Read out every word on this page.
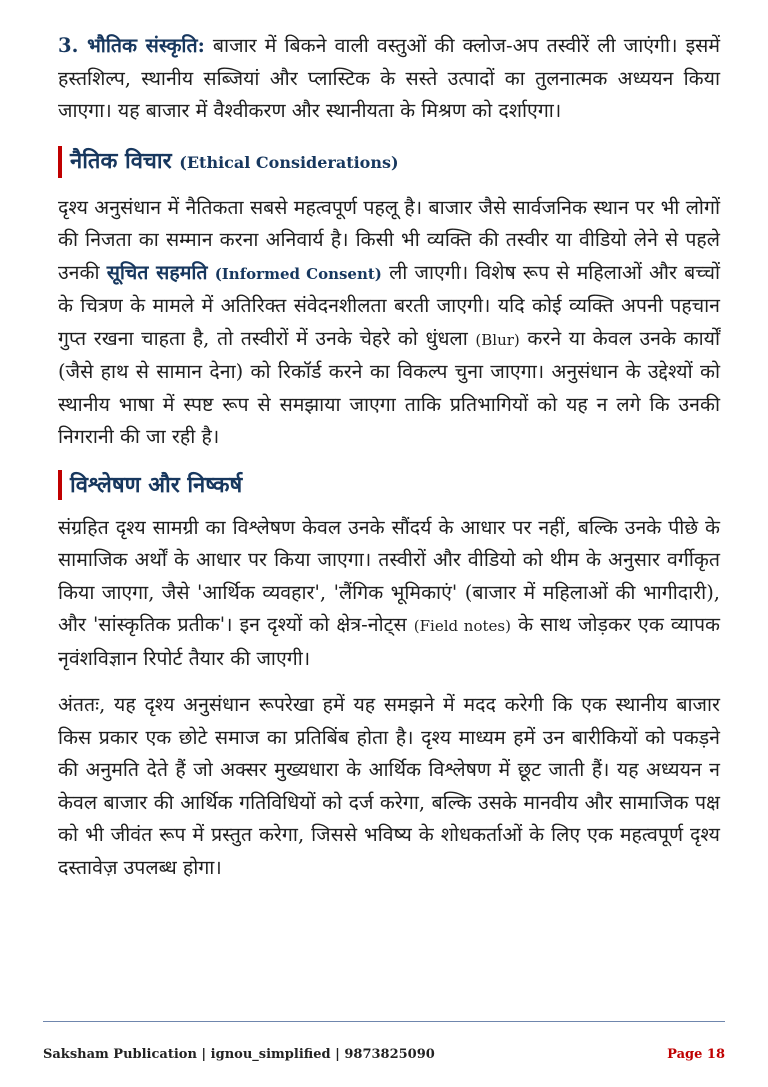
3. भौतिक संस्कृति: बाजार में बिकने वाली वस्तुओं की क्लोज-अप तस्वीरें ली जाएंगी। इसमें हस्तशिल्प, स्थानीय सब्जियां और प्लास्टिक के सस्ते उत्पादों का तुलनात्मक अध्ययन किया जाएगा। यह बाजार में वैश्वीकरण और स्थानीयता के मिश्रण को दर्शाएगा।

नैतिक विचार (Ethical Considerations)

दृश्य अनुसंधान में नैतिकता सबसे महत्वपूर्ण पहलू है। बाजार जैसे सार्वजनिक स्थान पर भी लोगों की निजता का सम्मान करना अनिवार्य है। किसी भी व्यक्ति की तस्वीर या वीडियो लेने से पहले उनकी सूचित सहमति (Informed Consent) ली जाएगी। विशेष रूप से महिलाओं और बच्चों के चित्रण के मामले में अतिरिक्त संवेदनशीलता बरती जाएगी। यदि कोई व्यक्ति अपनी पहचान गुप्त रखना चाहता है, तो तस्वीरों में उनके चेहरे को धुंधला (Blur) करने या केवल उनके कार्यों (जैसे हाथ से सामान देना) को रिकॉर्ड करने का विकल्प चुना जाएगा। अनुसंधान के उद्देश्यों को स्थानीय भाषा में स्पष्ट रूप से समझाया जाएगा ताकि प्रतिभागियों को यह न लगे कि उनकी निगरानी की जा रही है।

विश्लेषण और निष्कर्ष

संग्रहित दृश्य सामग्री का विश्लेषण केवल उनके सौंदर्य के आधार पर नहीं, बल्कि उनके पीछे के सामाजिक अर्थों के आधार पर किया जाएगा। तस्वीरों और वीडियो को थीम के अनुसार वर्गीकृत किया जाएगा, जैसे 'आर्थिक व्यवहार', 'लैंगिक भूमिकाएं' (बाजार में महिलाओं की भागीदारी), और 'सांस्कृतिक प्रतीक'। इन दृश्यों को क्षेत्र-नोट्स (Field notes) के साथ जोड़कर एक व्यापक नृवंशविज्ञान रिपोर्ट तैयार की जाएगी।

अंततः, यह दृश्य अनुसंधान रूपरेखा हमें यह समझने में मदद करेगी कि एक स्थानीय बाजार किस प्रकार एक छोटे समाज का प्रतिबिंब होता है। दृश्य माध्यम हमें उन बारीकियों को पकड़ने की अनुमति देते हैं जो अक्सर मुख्यधारा के आर्थिक विश्लेषण में छूट जाती हैं। यह अध्ययन न केवल बाजार की आर्थिक गतिविधियों को दर्ज करेगा, बल्कि उसके मानवीय और सामाजिक पक्ष को भी जीवंत रूप में प्रस्तुत करेगा, जिससे भविष्य के शोधकर्ताओं के लिए एक महत्वपूर्ण दृश्य दस्तावेज़ उपलब्ध होगा।

Saksham Publication | ignou_simplified | 9873825090	Page 18
